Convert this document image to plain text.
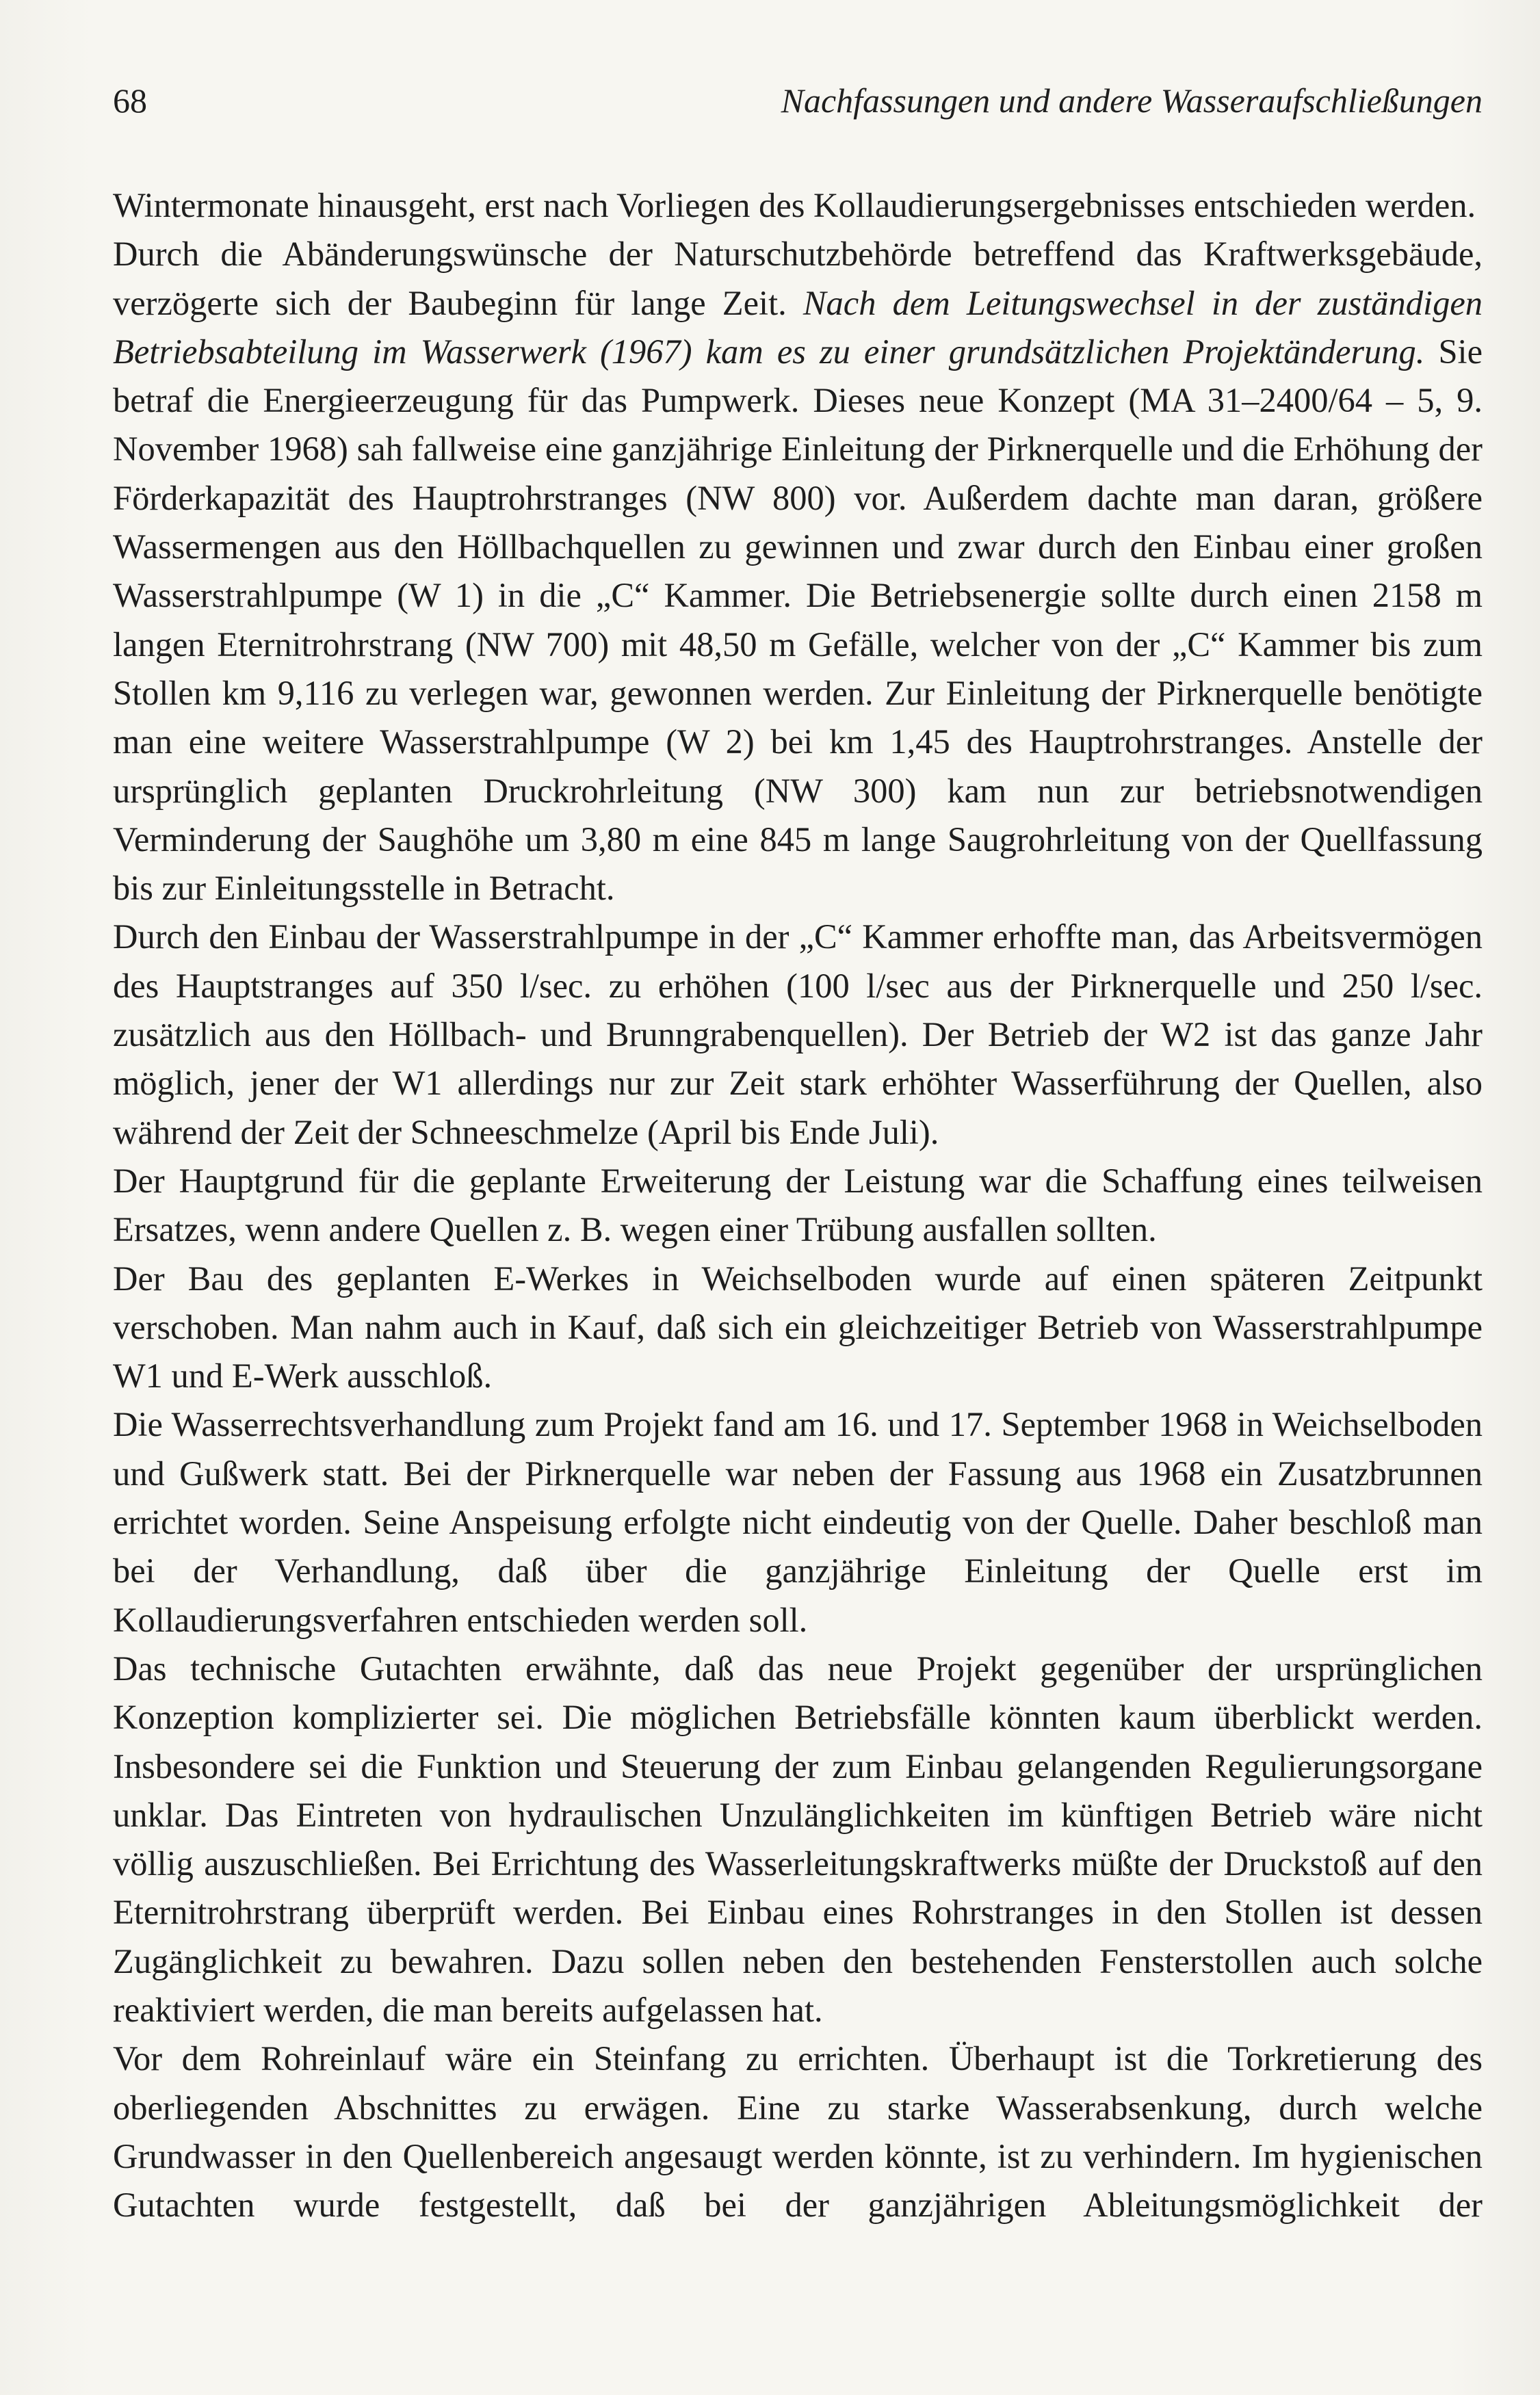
68	Nachfassungen und andere Wasseraufschließungen

Wintermonate hinausgeht, erst nach Vorliegen des Kollaudierungsergebnisses entschieden werden.

Durch die Abänderungswünsche der Naturschutzbehörde betreffend das Kraftwerksgebäude, verzögerte sich der Baubeginn für lange Zeit. Nach dem Leitungswechsel in der zuständigen Betriebsabteilung im Wasserwerk (1967) kam es zu einer grundsätzlichen Projektänderung. Sie betraf die Energieerzeugung für das Pumpwerk. Dieses neue Konzept (MA 31–2400/64 – 5, 9. November 1968) sah fallweise eine ganzjährige Einleitung der Pirknerquelle und die Erhöhung der Förderkapazität des Hauptrohrstranges (NW 800) vor. Außerdem dachte man daran, größere Wassermengen aus den Höllbachquellen zu gewinnen und zwar durch den Einbau einer großen Wasserstrahlpumpe (W 1) in die „C“ Kammer. Die Betriebsenergie sollte durch einen 2158 m langen Eternitrohrstrang (NW 700) mit 48,50 m Gefälle, welcher von der „C“ Kammer bis zum Stollen km 9,116 zu verlegen war, gewonnen werden. Zur Einleitung der Pirknerquelle benötigte man eine weitere Wasserstrahlpumpe (W 2) bei km 1,45 des Hauptrohrstranges. Anstelle der ursprünglich geplanten Druckrohrleitung (NW 300) kam nun zur betriebsnotwendigen Verminderung der Saughöhe um 3,80 m eine 845 m lange Saugrohrleitung von der Quellfassung bis zur Einleitungsstelle in Betracht.

Durch den Einbau der Wasserstrahlpumpe in der „C“ Kammer erhoffte man, das Arbeitsvermögen des Hauptstranges auf 350 l/sec. zu erhöhen (100 l/sec aus der Pirknerquelle und 250 l/sec. zusätzlich aus den Höllbach- und Brunngrabenquellen). Der Betrieb der W2 ist das ganze Jahr möglich, jener der W1 allerdings nur zur Zeit stark erhöhter Wasserführung der Quellen, also während der Zeit der Schneeschmelze (April bis Ende Juli).

Der Hauptgrund für die geplante Erweiterung der Leistung war die Schaffung eines teilweisen Ersatzes, wenn andere Quellen z. B. wegen einer Trübung ausfallen sollten.

Der Bau des geplanten E-Werkes in Weichselboden wurde auf einen späteren Zeitpunkt verschoben. Man nahm auch in Kauf, daß sich ein gleichzeitiger Betrieb von Wasserstrahlpumpe W1 und E-Werk ausschloß.

Die Wasserrechtsverhandlung zum Projekt fand am 16. und 17. September 1968 in Weichselboden und Gußwerk statt. Bei der Pirknerquelle war neben der Fassung aus 1968 ein Zusatzbrunnen errichtet worden. Seine Anspeisung erfolgte nicht eindeutig von der Quelle. Daher beschloß man bei der Verhandlung, daß über die ganzjährige Einleitung der Quelle erst im Kollaudierungsverfahren entschieden werden soll.

Das technische Gutachten erwähnte, daß das neue Projekt gegenüber der ursprünglichen Konzeption komplizierter sei. Die möglichen Betriebsfälle könnten kaum überblickt werden. Insbesondere sei die Funktion und Steuerung der zum Einbau gelangenden Regulierungsorgane unklar. Das Eintreten von hydraulischen Unzulänglichkeiten im künftigen Betrieb wäre nicht völlig auszuschließen. Bei Errichtung des Wasserleitungskraftwerks müßte der Druckstoß auf den Eternitrohrstrang überprüft werden. Bei Einbau eines Rohrstranges in den Stollen ist dessen Zugänglichkeit zu bewahren. Dazu sollen neben den bestehenden Fensterstollen auch solche reaktiviert werden, die man bereits aufgelassen hat.

Vor dem Rohreinlauf wäre ein Steinfang zu errichten. Überhaupt ist die Torkretierung des oberliegenden Abschnittes zu erwägen. Eine zu starke Wasserabsenkung, durch welche Grundwasser in den Quellenbereich angesaugt werden könnte, ist zu verhindern. Im hygienischen Gutachten wurde festgestellt, daß bei der ganzjährigen Ableitungsmöglichkeit der
